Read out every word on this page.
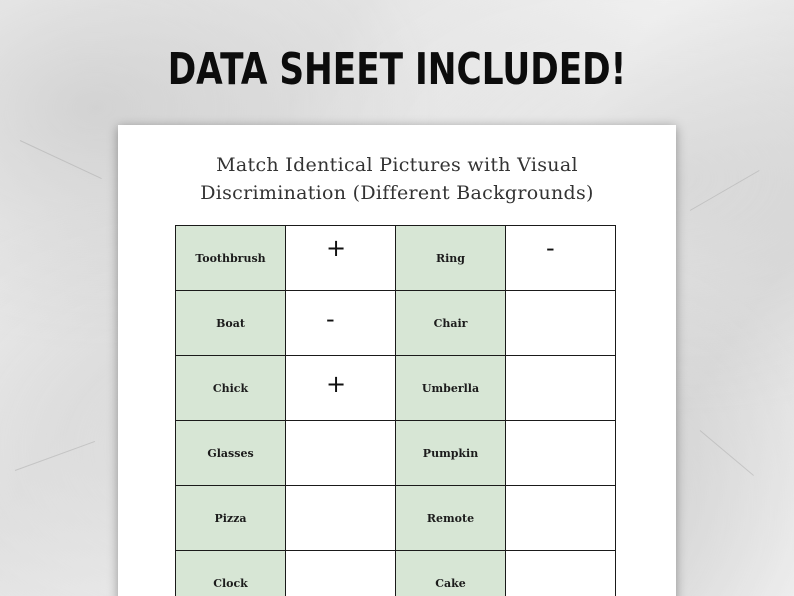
DATA SHEET INCLUDED!
Match Identical Pictures with Visual
Discrimination (Different Backgrounds)
Toothbrush	+	Ring	-

Boat	-	Chair	

Chick	+	Umberlla	

Glasses		Pumpkin	

Pizza		Remote	

Clock		Cake	
